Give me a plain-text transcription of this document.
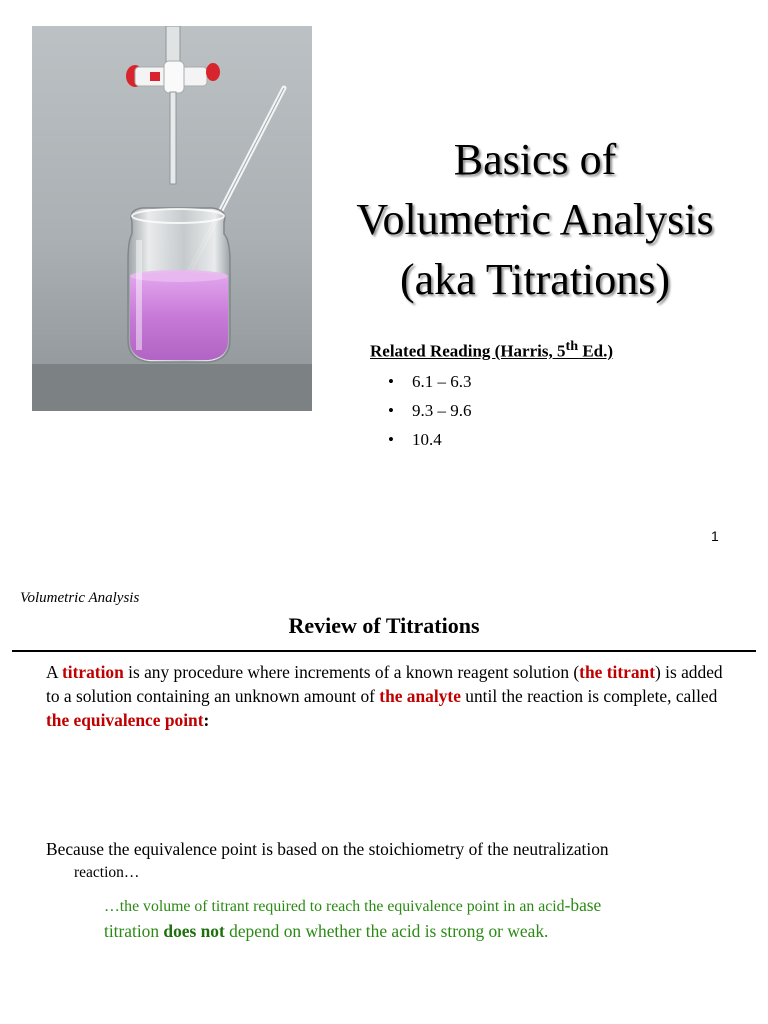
Basics of
Volumetric Analysis
(aka Titrations)
Related Reading (Harris, 5th Ed.)
• 6.1 – 6.3
• 9.3 – 9.6
• 10.4
1
Volumetric Analysis
Review of Titrations
A titration is any procedure where increments of a known reagent solution (the titrant) is added to a solution containing an unknown amount of the analyte until the reaction is complete, called the equivalence point:
Because the equivalence point is based on the stoichiometry of the neutralization
reaction…
…the volume of titrant required to reach the equivalence point in an acid-base
titration does not depend on whether the acid is strong or weak.
